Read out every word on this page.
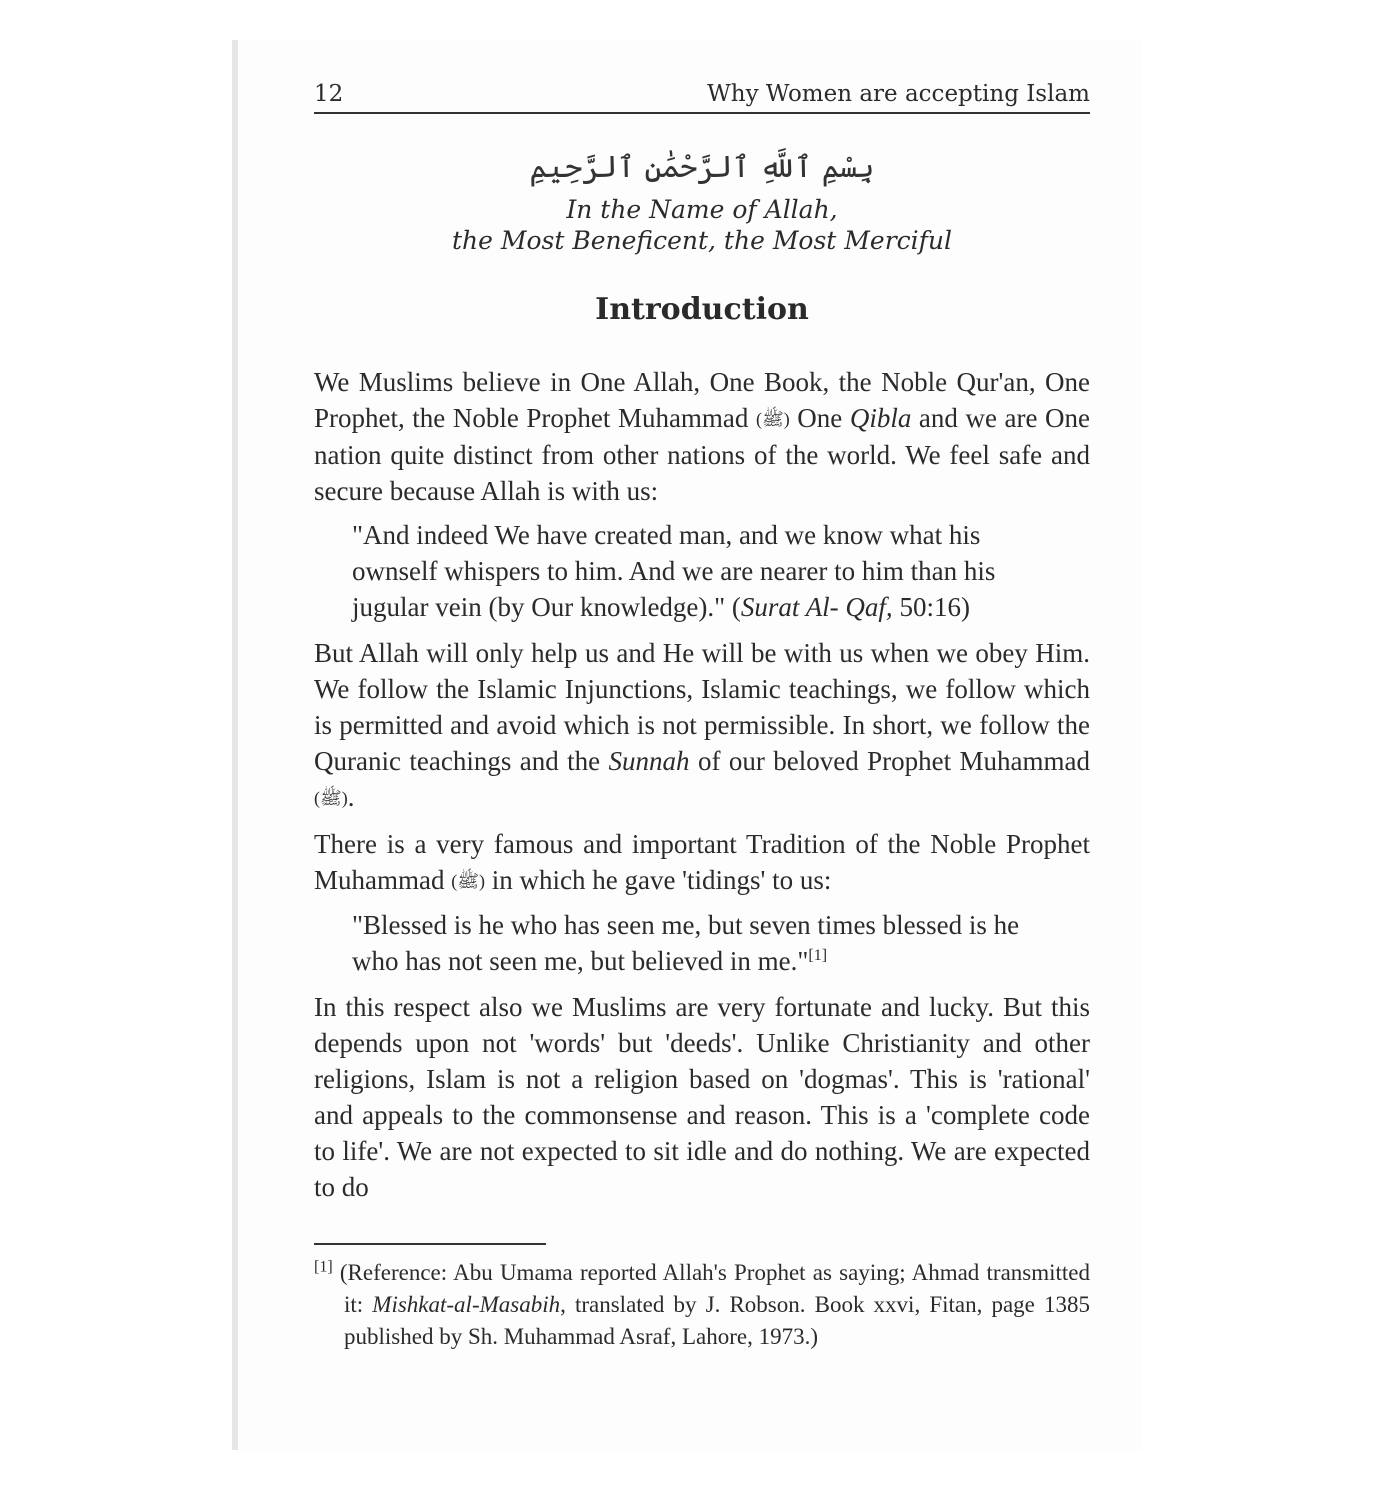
12	Why Women are accepting Islam
بِسْمِ ٱللَّهِ ٱلرَّحْمَٰنِ ٱلرَّحِيمِ
In the Name of Allah,
the Most Beneficent, the Most Merciful
Introduction

We Muslims believe in One Allah, One Book, the Noble Qur'an, One Prophet, the Noble Prophet Muhammad (ﷺ) One Qibla and we are One nation quite distinct from other nations of the world. We feel safe and secure because Allah is with us:

"And indeed We have created man, and we know what his ownself whispers to him. And we are nearer to him than his jugular vein (by Our knowledge)." (Surat Al- Qaf, 50:16)

But Allah will only help us and He will be with us when we obey Him. We follow the Islamic Injunctions, Islamic teachings, we follow which is permitted and avoid which is not permissible. In short, we follow the Quranic teachings and the Sunnah of our beloved Prophet Muhammad (ﷺ).

There is a very famous and important Tradition of the Noble Prophet Muhammad (ﷺ) in which he gave 'tidings' to us:

"Blessed is he who has seen me, but seven times blessed is he who has not seen me, but believed in me."[1]

In this respect also we Muslims are very fortunate and lucky. But this depends upon not 'words' but 'deeds'. Unlike Christianity and other religions, Islam is not a religion based on 'dogmas'. This is 'rational' and appeals to the commonsense and reason. This is a 'complete code to life'. We are not expected to sit idle and do nothing. We are expected to do

[1] (Reference: Abu Umama reported Allah's Prophet as saying; Ahmad transmitted it: Mishkat-al-Masabih, translated by J. Robson. Book xxvi, Fitan, page 1385 published by Sh. Muhammad Asraf, Lahore, 1973.)
